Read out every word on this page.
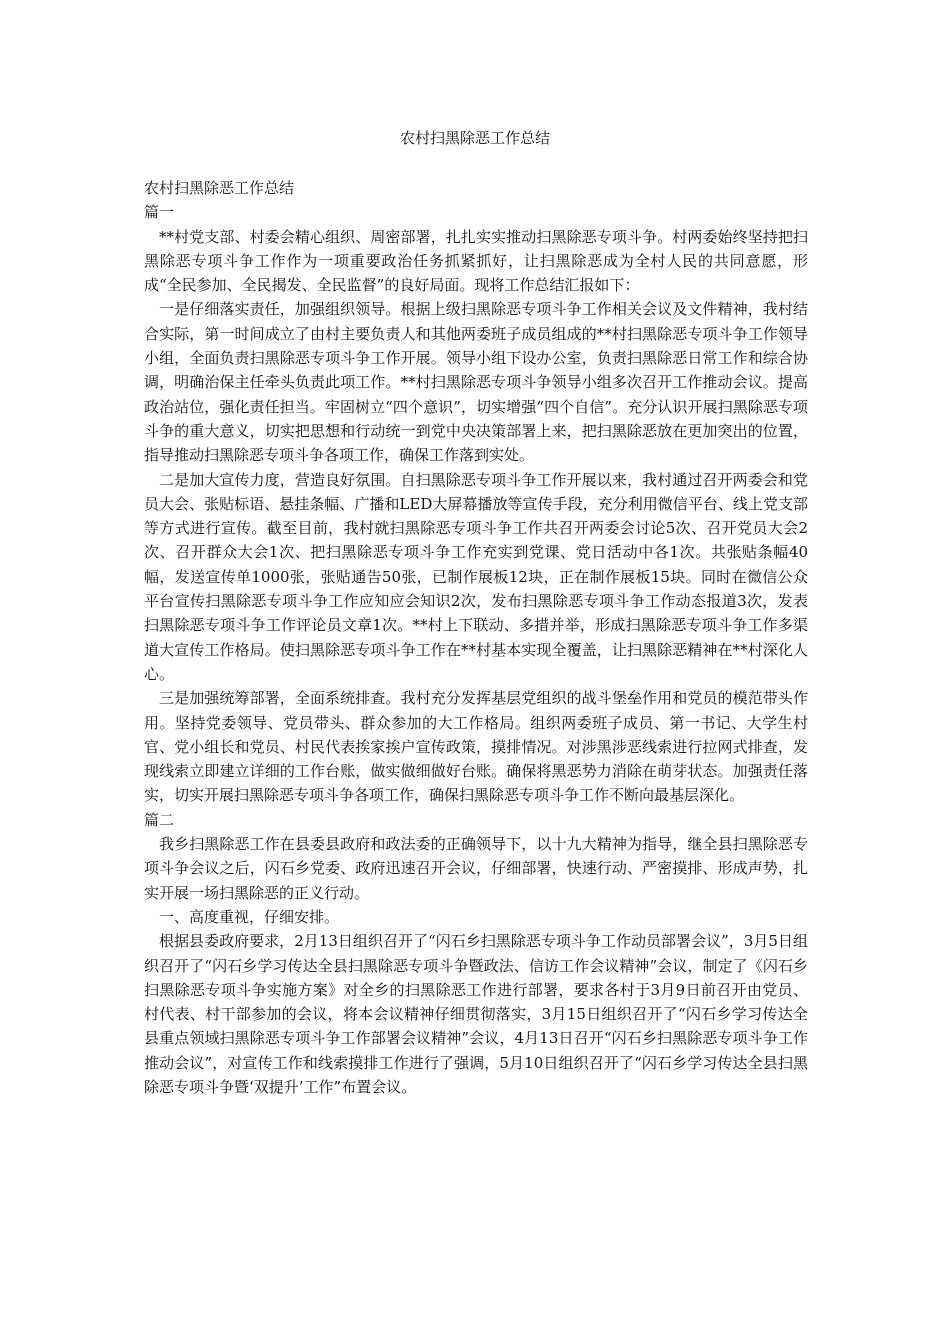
农村扫黑除恶工作总结

农村扫黑除恶工作总结

篇一

**村党支部、村委会精心组织、周密部署，扎扎实实推动扫黑除恶专项斗争。村两委始终坚持把扫黑除恶专项斗争工作作为一项重要政治任务抓紧抓好，让扫黑除恶成为全村人民的共同意愿，形成“全民参加、全民揭发、全民监督”的良好局面。现将工作总结汇报如下：

一是仔细落实责任，加强组织领导。根据上级扫黑除恶专项斗争工作相关会议及文件精神，我村结合实际，第一时间成立了由村主要负责人和其他两委班子成员组成的**村扫黑除恶专项斗争工作领导小组，全面负责扫黑除恶专项斗争工作开展。领导小组下设办公室，负责扫黑除恶日常工作和综合协调，明确治保主任牵头负责此项工作。**村扫黑除恶专项斗争领导小组多次召开工作推动会议。提高政治站位，强化责任担当。牢固树立“四个意识”，切实增强“四个自信”。充分认识开展扫黑除恶专项斗争的重大意义，切实把思想和行动统一到党中央决策部署上来，把扫黑除恶放在更加突出的位置，指导推动扫黑除恶专项斗争各项工作，确保工作落到实处。

二是加大宣传力度，营造良好氛围。自扫黑除恶专项斗争工作开展以来，我村通过召开两委会和党员大会、张贴标语、悬挂条幅、广播和LED大屏幕播放等宣传手段，充分利用微信平台、线上党支部等方式进行宣传。截至目前，我村就扫黑除恶专项斗争工作共召开两委会讨论5次、召开党员大会2次、召开群众大会1次、把扫黑除恶专项斗争工作充实到党课、党日活动中各1次。共张贴条幅40幅，发送宣传单1000张，张贴通告50张，已制作展板12块，正在制作展板15块。同时在微信公众平台宣传扫黑除恶专项斗争工作应知应会知识2次，发布扫黑除恶专项斗争工作动态报道3次，发表扫黑除恶专项斗争工作评论员文章1次。**村上下联动、多措并举，形成扫黑除恶专项斗争工作多渠道大宣传工作格局。使扫黑除恶专项斗争工作在**村基本实现全覆盖，让扫黑除恶精神在**村深化人心。

三是加强统筹部署，全面系统排查。我村充分发挥基层党组织的战斗堡垒作用和党员的模范带头作用。坚持党委领导、党员带头、群众参加的大工作格局。组织两委班子成员、第一书记、大学生村官、党小组长和党员、村民代表挨家挨户宣传政策，摸排情况。对涉黑涉恶线索进行拉网式排查，发现线索立即建立详细的工作台账，做实做细做好台账。确保将黑恶势力消除在萌芽状态。加强责任落实，切实开展扫黑除恶专项斗争各项工作，确保扫黑除恶专项斗争工作不断向最基层深化。

篇二

我乡扫黑除恶工作在县委县政府和政法委的正确领导下，以十九大精神为指导，继全县扫黑除恶专项斗争会议之后，闪石乡党委、政府迅速召开会议，仔细部署，快速行动、严密摸排、形成声势，扎实开展一场扫黑除恶的正义行动。

一、高度重视，仔细安排。

根据县委政府要求，2月13日组织召开了“闪石乡扫黑除恶专项斗争工作动员部署会议”，3月5日组织召开了“闪石乡学习传达全县扫黑除恶专项斗争暨政法、信访工作会议精神”会议，制定了《闪石乡扫黑除恶专项斗争实施方案》对全乡的扫黑除恶工作进行部署，要求各村于3月9日前召开由党员、村代表、村干部参加的会议，将本会议精神仔细贯彻落实，3月15日组织召开了“闪石乡学习传达全县重点领域扫黑除恶专项斗争工作部署会议精神”会议，4月13日召开“闪石乡扫黑除恶专项斗争工作推动会议”，对宣传工作和线索摸排工作进行了强调，5月10日组织召开了“闪石乡学习传达全县扫黑除恶专项斗争暨‘双提升’工作”布置会议。
